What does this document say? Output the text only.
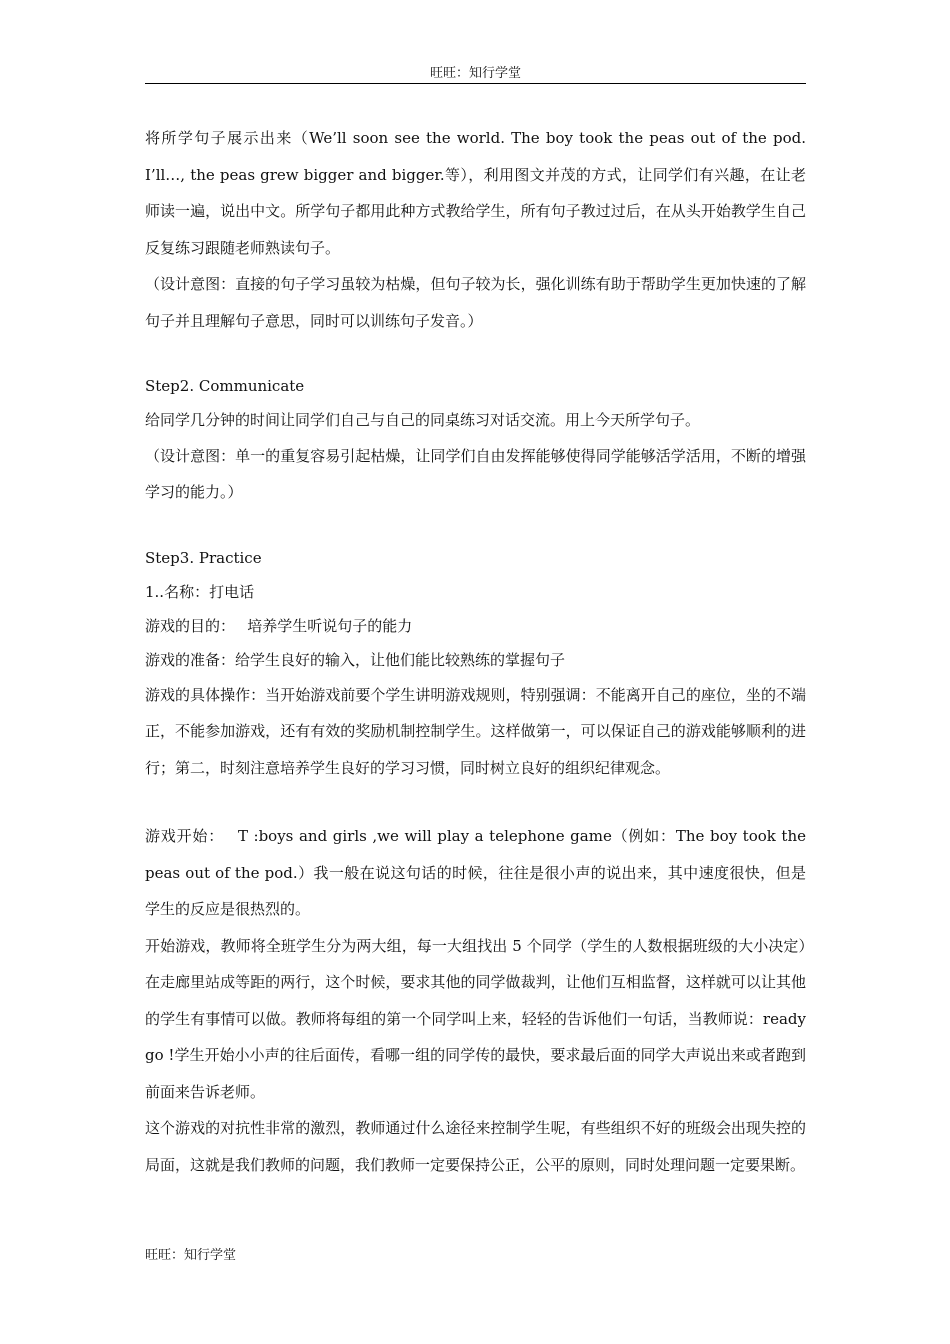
旺旺：知行学堂

将所学句子展示出来（We’ll soon see the world. The boy took the peas out of the pod. I’ll…, the peas grew bigger and bigger.等），利用图文并茂的方式，让同学们有兴趣，在让老师读一遍，说出中文。所学句子都用此种方式教给学生，所有句子教过过后，在从头开始教学生自己反复练习跟随老师熟读句子。

（设计意图：直接的句子学习虽较为枯燥，但句子较为长，强化训练有助于帮助学生更加快速的了解句子并且理解句子意思，同时可以训练句子发音。）

Step2. Communicate

给同学几分钟的时间让同学们自己与自己的同桌练习对话交流。用上今天所学句子。

（设计意图：单一的重复容易引起枯燥，让同学们自由发挥能够使得同学能够活学活用，不断的增强学习的能力。）

Step3. Practice

1..名称：打电话

游戏的目的：　 培养学生听说句子的能力

游戏的准备：给学生良好的输入，让他们能比较熟练的掌握句子

游戏的具体操作：当开始游戏前要个学生讲明游戏规则，特别强调：不能离开自己的座位，坐的不端正，不能参加游戏，还有有效的奖励机制控制学生。这样做第一，可以保证自己的游戏能够顺利的进行；第二，时刻注意培养学生良好的学习习惯，同时树立良好的组织纪律观念。

游戏开始：　 T :boys and girls ,we will play a telephone game（例如：The boy took the peas out of the pod.）我一般在说这句话的时候，往往是很小声的说出来，其中速度很快，但是学生的反应是很热烈的。

开始游戏，教师将全班学生分为两大组，每一大组找出 5 个同学（学生的人数根据班级的大小决定）在走廊里站成等距的两行，这个时候，要求其他的同学做裁判，让他们互相监督，这样就可以让其他的学生有事情可以做。教师将每组的第一个同学叫上来，轻轻的告诉他们一句话，当教师说：ready go !学生开始小小声的往后面传，看哪一组的同学传的最快，要求最后面的同学大声说出来或者跑到前面来告诉老师。

这个游戏的对抗性非常的激烈，教师通过什么途径来控制学生呢，有些组织不好的班级会出现失控的局面，这就是我们教师的问题，我们教师一定要保持公正，公平的原则，同时处理问题一定要果断。

旺旺：知行学堂
